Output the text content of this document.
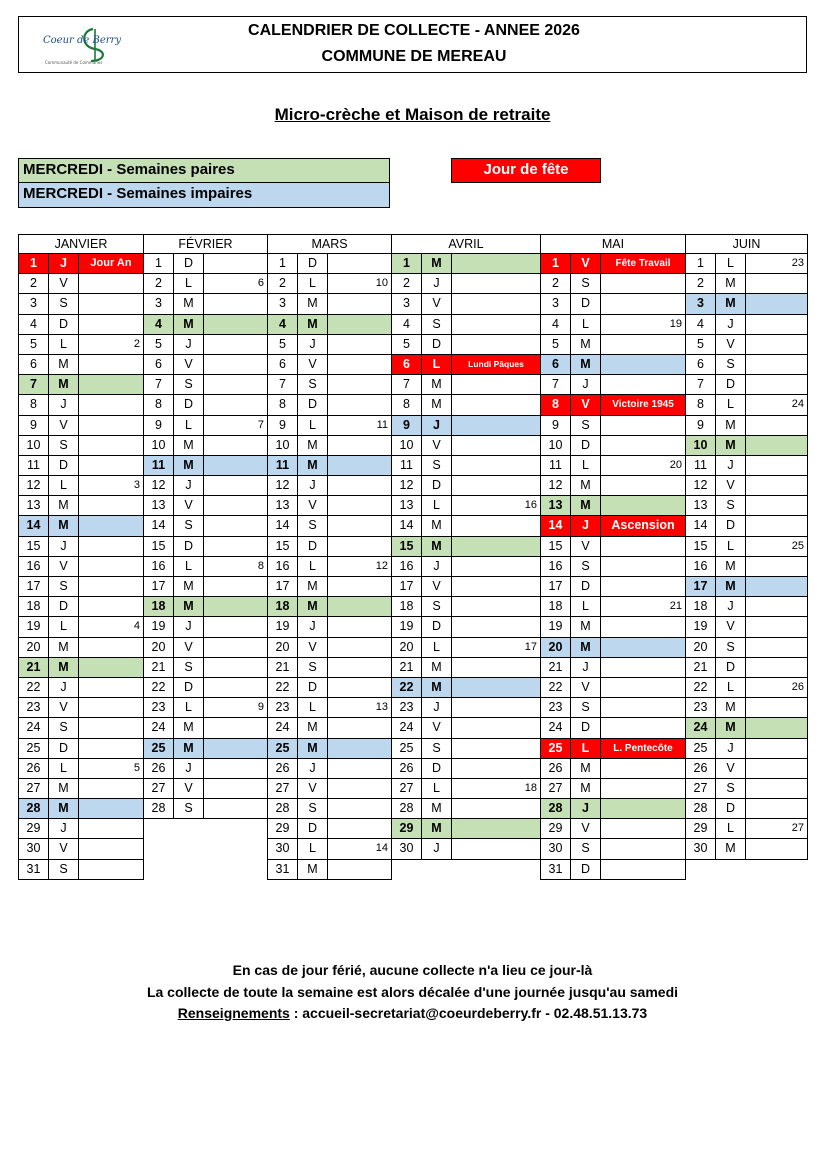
Coeur de Berry
Communauté de Communes
CALENDRIER DE COLLECTE - ANNEE 2026
COMMUNE DE MEREAU
Micro-crèche et Maison de retraite
MERCREDI - Semaines paires
MERCREDI - Semaines impaires
Jour de fête
JANVIER
1	J	Jour An
2	V
3	S
4	D
5	L	2
6	M
7	M
8	J
9	V
10	S
11	D
12	L	3
13	M
14	M
15	J
16	V
17	S
18	D
19	L	4
20	M
21	M
22	J
23	V
24	S
25	D
26	L	5
27	M
28	M
29	J
30	V
31	S
FÉVRIER
1	D
2	L	6
3	M
4	M
5	J
6	V
7	S
8	D
9	L	7
10	M
11	M
12	J
13	V
14	S
15	D
16	L	8
17	M
18	M
19	J
20	V
21	S
22	D
23	L	9
24	M
25	M
26	J
27	V
28	S
MARS
1	D
2	L	10
3	M
4	M
5	J
6	V
7	S
8	D
9	L	11
10	M
11	M
12	J
13	V
14	S
15	D
16	L	12
17	M
18	M
19	J
20	V
21	S
22	D
23	L	13
24	M
25	M
26	J
27	V
28	S
29	D
30	L	14
31	M
AVRIL
1	M
2	J
3	V
4	S
5	D
6	L	Lundi Pâques
7	M
8	M
9	J
10	V
11	S
12	D
13	L	16
14	M
15	M
16	J
17	V
18	S
19	D
20	L	17
21	M
22	M
23	J
24	V
25	S
26	D
27	L	18
28	M
29	M
30	J
MAI
1	V	Fête Travail
2	S
3	D
4	L	19
5	M
6	M
7	J
8	V	Victoire 1945
9	S
10	D
11	L	20
12	M
13	M
14	J	Ascension
15	V
16	S
17	D
18	L	21
19	M
20	M
21	J
22	V
23	S
24	D
25	L	L. Pentecôte
26	M
27	M
28	J
29	V
30	S
31	D
JUIN
1	L	23
2	M
3	M
4	J
5	V
6	S
7	D
8	L	24
9	M
10	M
11	J
12	V
13	S
14	D
15	L	25
16	M
17	M
18	J
19	V
20	S
21	D
22	L	26
23	M
24	M
25	J
26	V
27	S
28	D
29	L	27
30	M
En cas de jour férié, aucune collecte n'a lieu ce jour-là
La collecte de toute la semaine est alors décalée d'une journée jusqu'au samedi
Renseignements : accueil-secretariat@coeurdeberry.fr - 02.48.51.13.73
